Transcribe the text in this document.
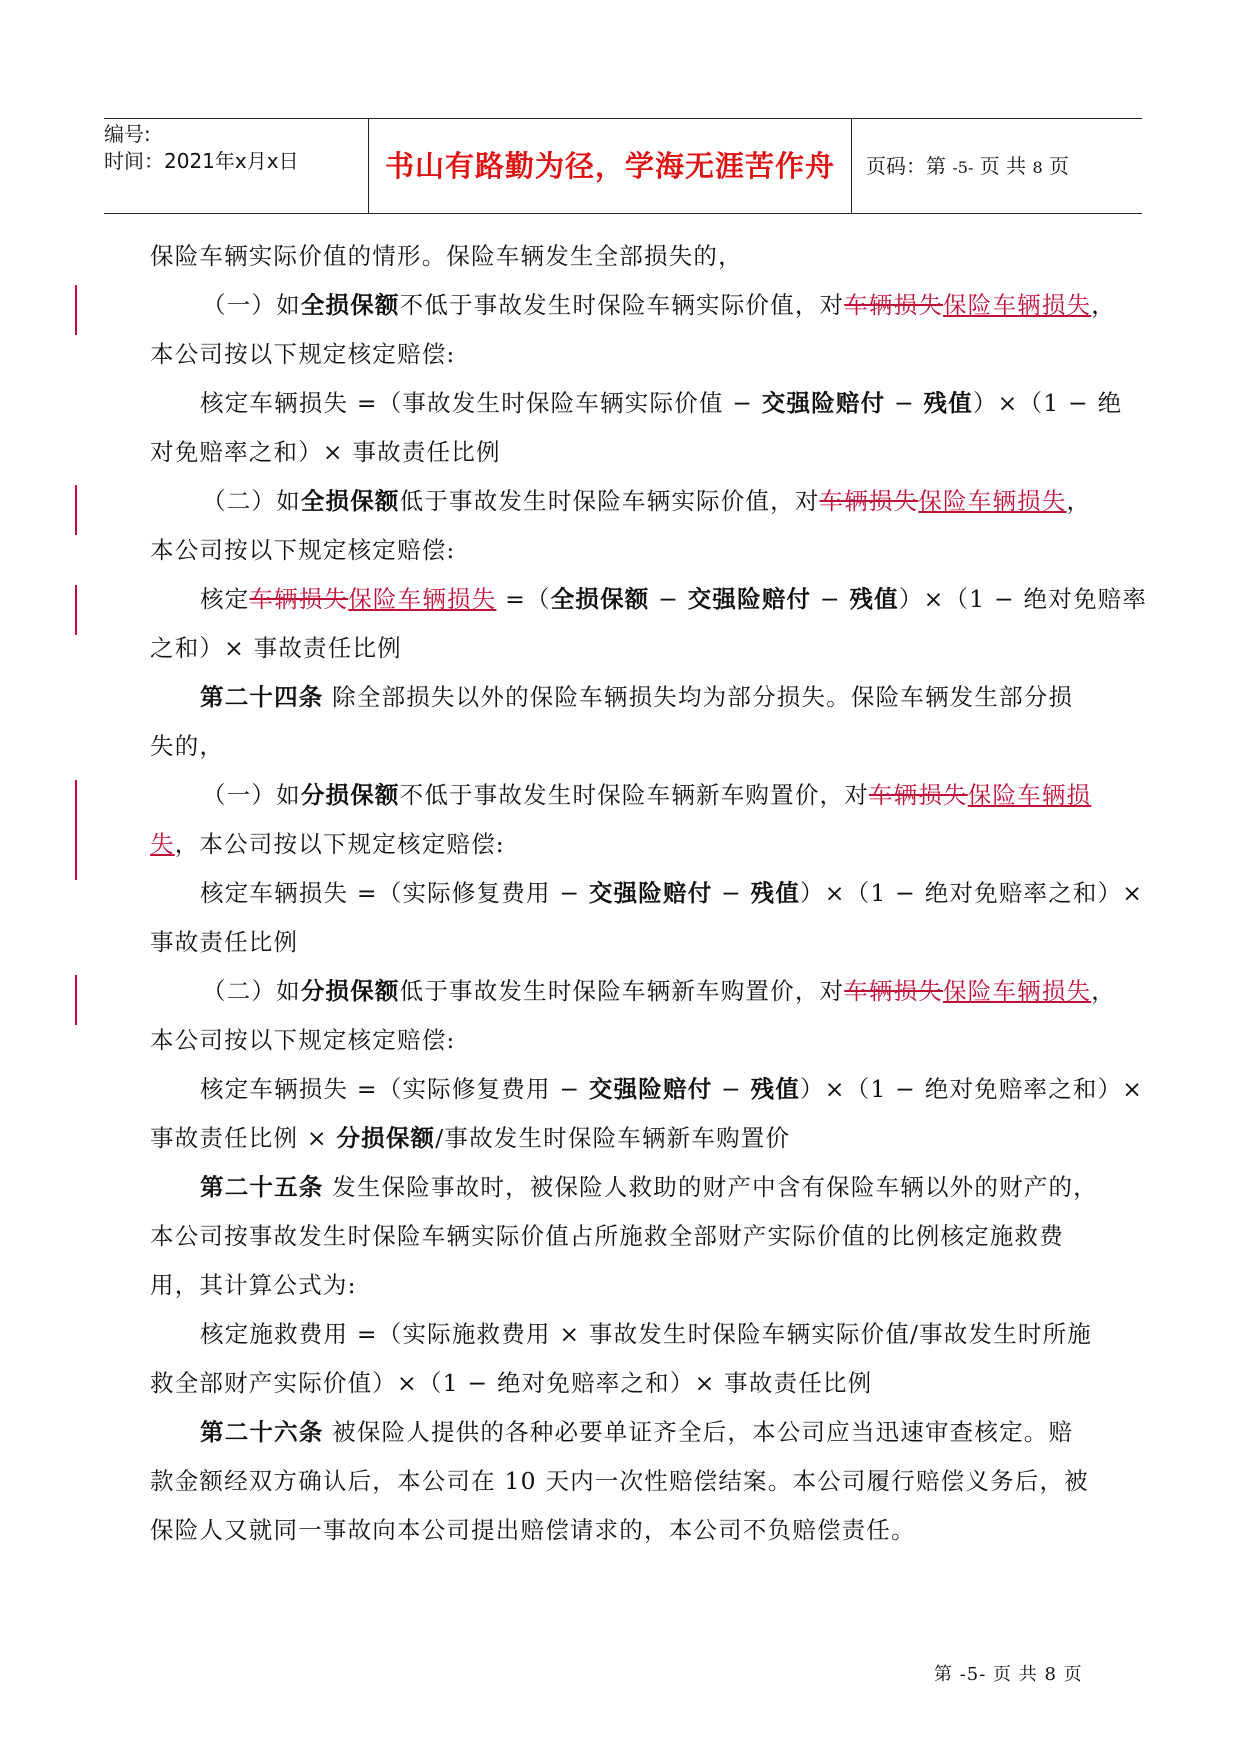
编号:
时间：2021年x月x日	书山有路勤为径，学海无涯苦作舟	页码：第 -5- 页 共 8 页
保险车辆实际价值的情形。保险车辆发生全部损失的，
（一）如全损保额不低于事故发生时保险车辆实际价值，对车辆损失保险车辆损失，
本公司按以下规定核定赔偿:
核定车辆损失 =（事故发生时保险车辆实际价值 − 交强险赔付 − 残值）×（1 − 绝
对免赔率之和）× 事故责任比例
（二）如全损保额低于事故发生时保险车辆实际价值，对车辆损失保险车辆损失，
本公司按以下规定核定赔偿:
核定车辆损失保险车辆损失 =（全损保额 − 交强险赔付 − 残值）×（1 − 绝对免赔率
之和）× 事故责任比例
第二十四条 除全部损失以外的保险车辆损失均为部分损失。保险车辆发生部分损
失的，
（一）如分损保额不低于事故发生时保险车辆新车购置价，对车辆损失保险车辆损
失，本公司按以下规定核定赔偿:
核定车辆损失 =（实际修复费用 − 交强险赔付 − 残值）×（1 − 绝对免赔率之和）×
事故责任比例
（二）如分损保额低于事故发生时保险车辆新车购置价，对车辆损失保险车辆损失，
本公司按以下规定核定赔偿:
核定车辆损失 =（实际修复费用 − 交强险赔付 − 残值）×（1 − 绝对免赔率之和）×
事故责任比例 × 分损保额/事故发生时保险车辆新车购置价
第二十五条 发生保险事故时，被保险人救助的财产中含有保险车辆以外的财产的，
本公司按事故发生时保险车辆实际价值占所施救全部财产实际价值的比例核定施救费
用，其计算公式为:
核定施救费用 =（实际施救费用 × 事故发生时保险车辆实际价值/事故发生时所施
救全部财产实际价值）×（1 − 绝对免赔率之和）× 事故责任比例
第二十六条 被保险人提供的各种必要单证齐全后，本公司应当迅速审查核定。赔
款金额经双方确认后，本公司在 10 天内一次性赔偿结案。本公司履行赔偿义务后，被
保险人又就同一事故向本公司提出赔偿请求的，本公司不负赔偿责任。
第 -5- 页 共 8 页
